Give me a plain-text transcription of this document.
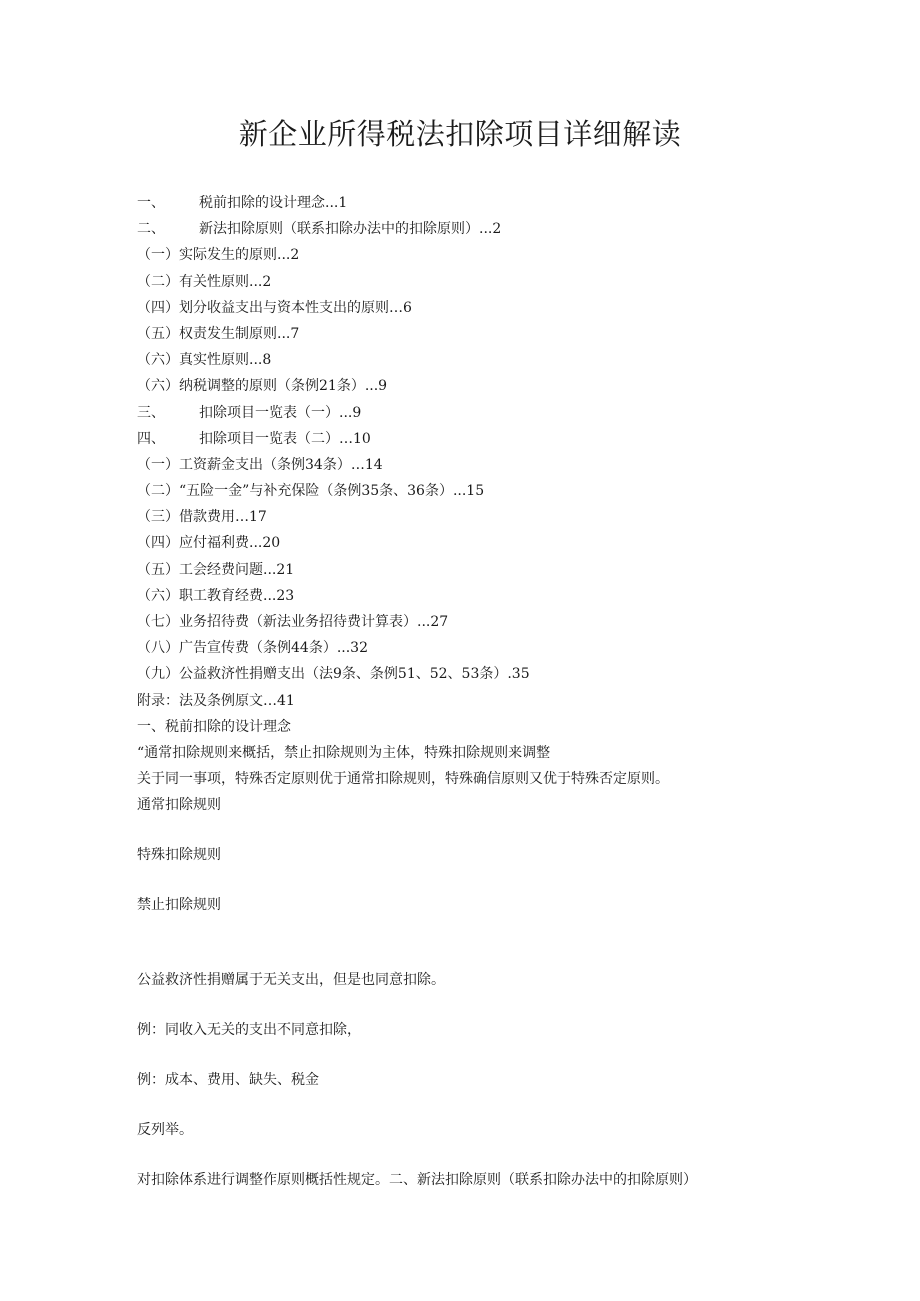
新企业所得税法扣除项目详细解读
一、 税前扣除的设计理念...1
二、 新法扣除原则（联系扣除办法中的扣除原则）...2
（一）实际发生的原则...2
（二）有关性原则...2
（四）划分收益支出与资本性支出的原则…6
（五）权责发生制原则...7
（六）真实性原则...8
（六）纳税调整的原则（条例21条）...9
三、 扣除项目一览表（一）...9
四、 扣除项目一览表（二）…10
（一）工资薪金支出（条例34条）…14
（二）“五险一金”与补充保险（条例35条、36条）...15
（三）借款费用…17
（四）应付福利费...20
（五）工会经费问题...21
（六）职工教育经费...23
（七）业务招待费（新法业务招待费计算表）...27
（八）广告宣传费（条例44条）...32
（九）公益救济性捐赠支出（法9条、条例51、52、53条）.35
附录：法及条例原文…41
一、税前扣除的设计理念
“通常扣除规则来概括，禁止扣除规则为主体，特殊扣除规则来调整
关于同一事项，特殊否定原则优于通常扣除规则，特殊确信原则又优于特殊否定原则。
通常扣除规则
特殊扣除规则
禁止扣除规则
公益救济性捐赠属于无关支出，但是也同意扣除。
例：同收入无关的支出不同意扣除，
例：成本、费用、缺失、税金
反列举。
对扣除体系进行调整作原则概括性规定。二、新法扣除原则（联系扣除办法中的扣除原则）
